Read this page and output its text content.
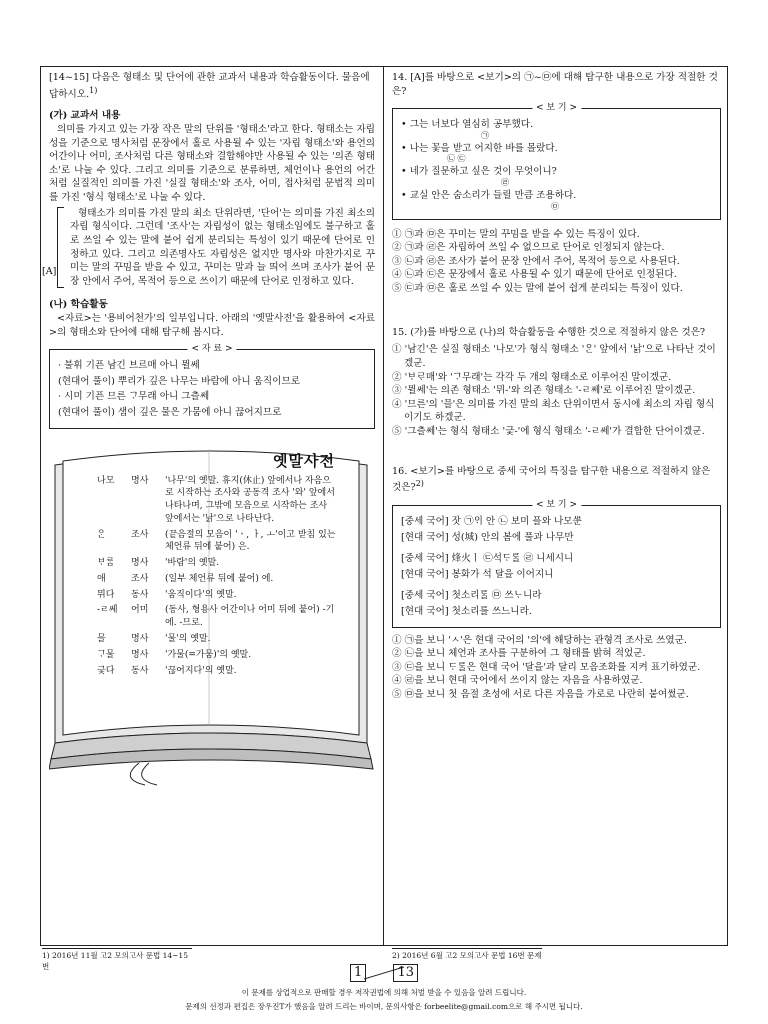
[14~15] 다음은 형태소 및 단어에 관한 교과서 내용과 학습활동이다. 물음에 답하시오.$^{1)}$
(가) 교과서 내용
의미를 가지고 있는 가장 작은 말의 단위를 '형태소'라고 한다. 형태소는 자립성을 기준으로 명사처럼 문장에서 홀로 사용될 수 있는 '자립 형태소'와 용언의 어간이나 어미, 조사처럼 다른 형태소와 결합해야만 사용될 수 있는 '의존 형태소'로 나눌 수 있다. 그리고 의미를 기준으로 분류하면, 체언이나 용언의 어간처럼 실질적인 의미를 가진 '실질 형태소'와 조사, 어미, 접사처럼 문법적 의미를 가진 '형식 형태소'로 나눌 수 있다.
[A]
형태소가 의미를 가진 말의 최소 단위라면, '단어'는 의미를 가진 최소의 자립 형식이다. 그런데 '조사'는 자립성이 없는 형태소임에도 불구하고 홀로 쓰일 수 있는 말에 붙어 쉽게 분리되는 특성이 있기 때문에 단어로 인정하고 있다. 그리고 의존명사도 자립성은 없지만 명사와 마찬가지로 꾸미는 말의 꾸밈을 받을 수 있고, 꾸미는 말과 늘 띄어 쓰며 조사가 붙어 문장 안에서 주어, 목적어 등으로 쓰이기 때문에 단어로 인정하고 있다.
(나) 학습활동
<자료>는 '용비어천가'의 일부입니다. 아래의 '옛말사전'을 활용하여 <자료>의 형태소와 단어에 대해 탐구해 봅시다.
< 자 료 >
· 불휘 기픈 남긴 브르매 아니 뮐쎄
(현대어 풀이) 뿌리가 깊은 나무는 바람에 아니 움직이므로
· 시미 기픈 므른 ᄀᆞ무래 아니 그츨쎄
(현대어 풀이) 샘이 깊은 물은 가뭄에 아니 끊어지므로
옛말사전
나모	명사	'나무'의 옛말. 휴지(休止) 앞에서나 자음으로 시작하는 조사와 공동격 조사 '와' 앞에서 나타나며, 그밖에 모음으로 시작하는 조사 앞에서는 '낡'으로 나타난다.
ᄋᆞᆫ	조사	(끝음절의 모음이 'ㆍ, ㅏ, ㅗ'이고 받침 있는 체언류 뒤에 붙어) 은.
ᄇᆞᄅᆞᆷ	명사	'바람'의 옛말.
애	조사	(일부 체언류 뒤에 붙어) 에.
뮈다	동사	'움직이다'의 옛말.
-ㄹ쎄	어미	(동사, 형용사 어간이나 어미 뒤에 붙어) -기에. -므로.
믈	명사	'물'의 옛말.
ᄀᆞ물	명사	'가물(=가뭄)'의 옛말.
긏다	동사	'끊어지다'의 옛말.
14. [A]를 바탕으로 <보기>의 ㉠~㉤에 대해 탐구한 내용으로 가장 적절한 것은?
< 보 기 >
• 그는 너보다 열심히 공부했다.
㉠
• 나는 꽃을 받고 어지한 바를 몰랐다.
㉡ ㉢
• 네가 질문하고 싶은 것이 무엇이니?
㉣
• 교실 안은 숨소리가 들릴 만큼 조용하다.
㉤
① ㉠과 ㉤은 꾸미는 말의 꾸밈을 받을 수 있는 특징이 있다.
② ㉠과 ㉣은 자립하여 쓰일 수 없으므로 단어로 인정되지 않는다.
③ ㉡과 ㉣은 조사가 붙어 문장 안에서 주어, 목적어 등으로 사용된다.
④ ㉡과 ㉢은 문장에서 홀로 사용될 수 있기 때문에 단어로 인정된다.
⑤ ㉢과 ㉤은 홀로 쓰일 수 있는 말에 붙어 쉽게 분리되는 특징이 있다.
15. (가)를 바탕으로 (나)의 학습활동을 수행한 것으로 적절하지 않은 것은?
① '남긴'은 실질 형태소 '나모'가 형식 형태소 'ᄋᆞᆫ' 앞에서 '낡'으로 나타난 것이겠군.
② 'ᄇᆞᄅᆞ매'와 'ᄀᆞ무래'는 각각 두 개의 형태소로 이루어진 말이겠군.
③ '뮐쎄'는 의존 형태소 '뮈-'와 의존 형태소 '-ㄹ쎄'로 이루어진 말이겠군.
④ '므른'의 '믈'은 의미를 가진 말의 최소 단위이면서 동시에 최소의 자립 형식이기도 하겠군.
⑤ '그츨쎄'는 형식 형태소 '긏-'에 형식 형태소 '-ㄹ쎄'가 결합한 단어이겠군.
16. <보기>를 바탕으로 중세 국어의 특징을 탐구한 내용으로 적절하지 않은 것은?$^{2)}$
< 보 기 >
[중세 국어] 잣 ㉠ᄋᆡ 안 ㉡ 보미 플와 나모ᄲᅮᆫ
[현대 국어] 성(城) 안의 봄에 풀과 나무만
[중세 국어] 烽火ㅣ ㉢석ᄃᆞᄅᆞᆯ ㉣ 니세시니
[현대 국어] 봉화가 석 달을 이어지니
[중세 국어] 첫소리ᄅᆞᆯ ㉤ 쓰ᄂᆞ니라
[현대 국어] 첫소리를 쓰느니라.
① ㉠을 보니 'ㅅ'은 현대 국어의 '의'에 해당하는 관형격 조사로 쓰였군.
② ㉡을 보니 체언과 조사를 구분하여 그 형태를 밝혀 적었군.
③ ㉢을 보니 ᄃᆞᄅᆞᆯ은 현대 국어 '달을'과 달리 모음조화를 지켜 표기하였군.
④ ㉣을 보니 현대 국어에서 쓰이지 않는 자음을 사용하였군.
⑤ ㉤을 보니 첫 음절 초성에 서로 다른 자음을 가로로 나란히 붙여썼군.
1) 2016년 11월 고2 모의고사 문법 14~15번
2) 2016년 6월 고2 모의고사 문법 16번 문제
1	13
이 문제를 상업적으로 판매할 경우 저작권법에 의해 처벌 받을 수 있음을 알려 드립니다.
문제의 선정과 편집은 장우진T가 했음을 알려 드리는 바이며, 문의사항은 forbeelite@gmail.com으로 해 주시면 됩니다.
